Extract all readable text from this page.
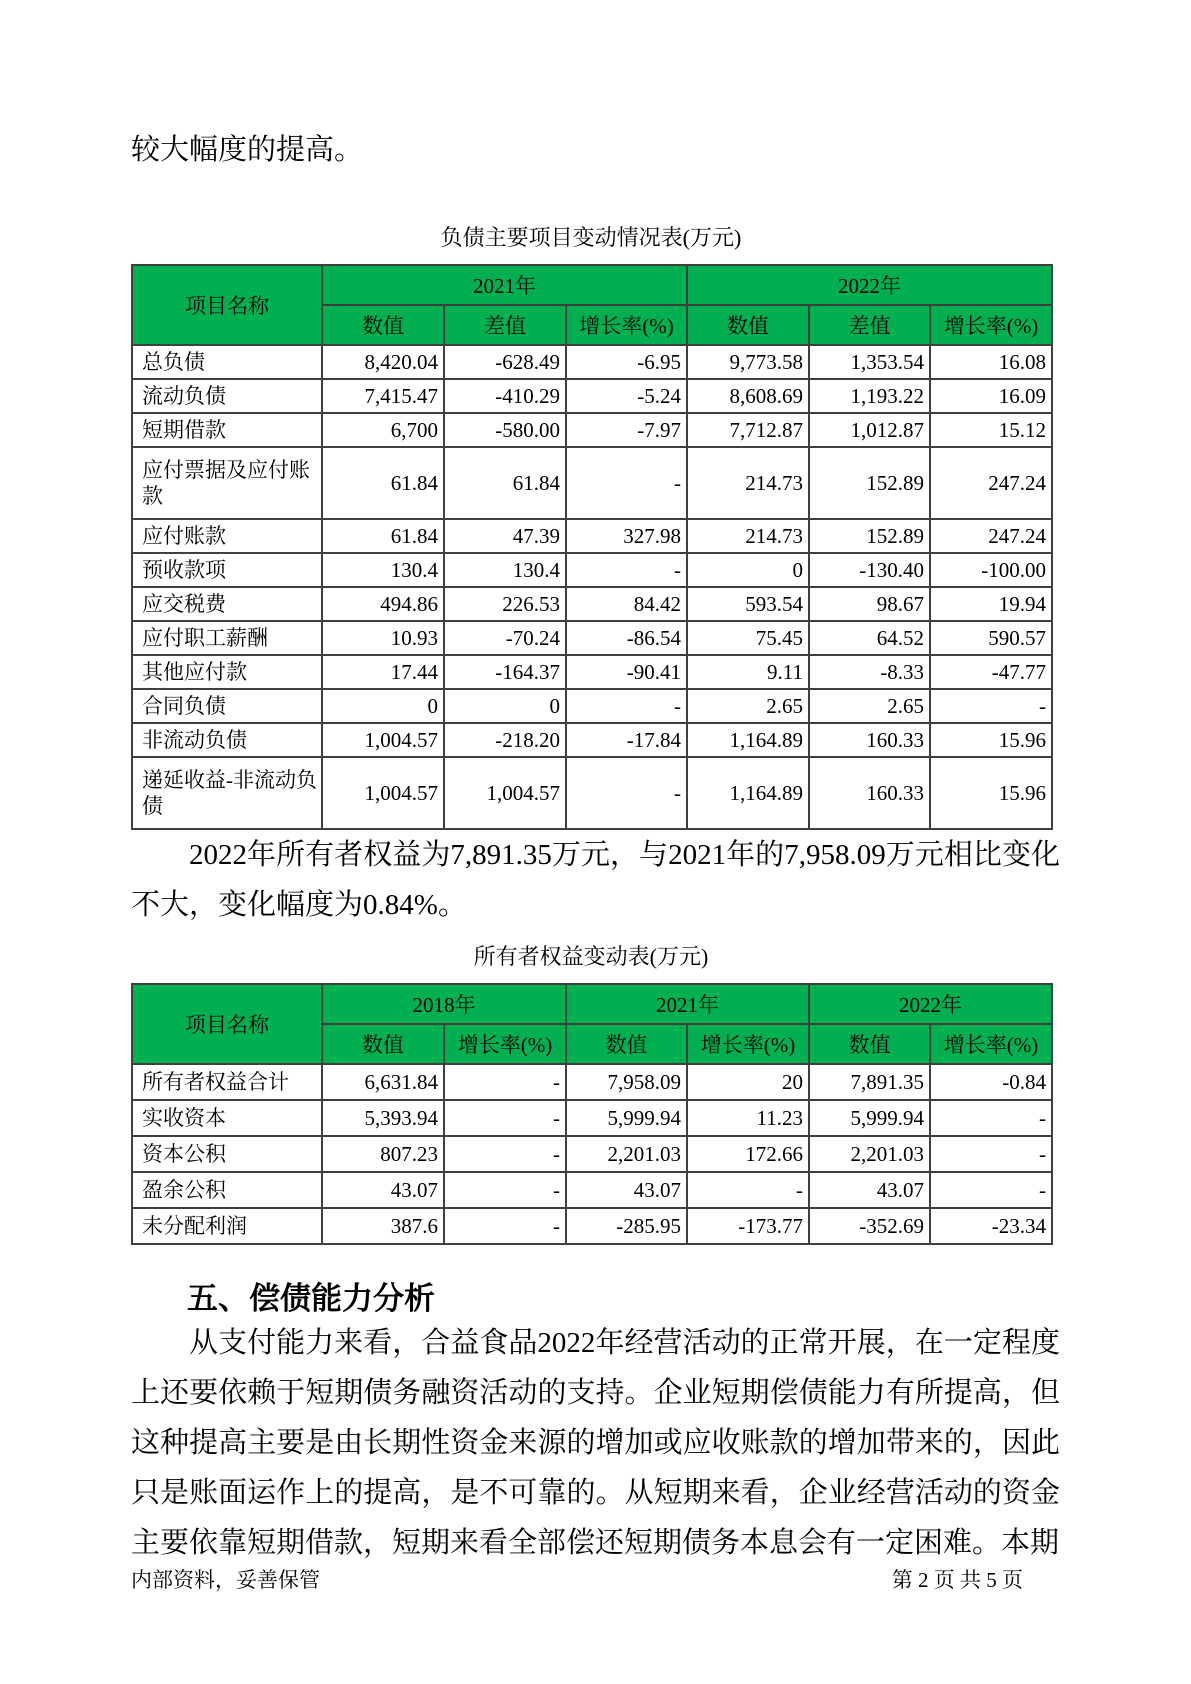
较大幅度的提高。

负债主要项目变动情况表(万元)

项目名称	2021年			2022年		
	数值	差值	增长率(%)	数值	差值	增长率(%)
总负债	8,420.04	-628.49	-6.95	9,773.58	1,353.54	16.08
流动负债	7,415.47	-410.29	-5.24	8,608.69	1,193.22	16.09
短期借款	6,700	-580.00	-7.97	7,712.87	1,012.87	15.12
应付票据及应付账款	61.84	61.84	-	214.73	152.89	247.24
应付账款	61.84	47.39	327.98	214.73	152.89	247.24
预收款项	130.4	130.4	-	0	-130.40	-100.00
应交税费	494.86	226.53	84.42	593.54	98.67	19.94
应付职工薪酬	10.93	-70.24	-86.54	75.45	64.52	590.57
其他应付款	17.44	-164.37	-90.41	9.11	-8.33	-47.77
合同负债	0	0	-	2.65	2.65	-
非流动负债	1,004.57	-218.20	-17.84	1,164.89	160.33	15.96
递延收益-非流动负债	1,004.57	1,004.57	-	1,164.89	160.33	15.96

2022年所有者权益为7,891.35万元，与2021年的7,958.09万元相比变化不大，变化幅度为0.84%。

所有者权益变动表(万元)

项目名称	2018年		2021年		2022年	
	数值	增长率(%)	数值	增长率(%)	数值	增长率(%)
所有者权益合计	6,631.84	-	7,958.09	20	7,891.35	-0.84
实收资本	5,393.94	-	5,999.94	11.23	5,999.94	-
资本公积	807.23	-	2,201.03	172.66	2,201.03	-
盈余公积	43.07	-	43.07	-	43.07	-
未分配利润	387.6	-	-285.95	-173.77	-352.69	-23.34
五、偿债能力分析

从支付能力来看，合益食品2022年经营活动的正常开展，在一定程度上还要依赖于短期债务融资活动的支持。企业短期偿债能力有所提高，但这种提高主要是由长期性资金来源的增加或应收账款的增加带来的，因此只是账面运作上的提高，是不可靠的。从短期来看，企业经营活动的资金主要依靠短期借款，短期来看全部偿还短期债务本息会有一定困难。本期

内部资料，妥善保管	第 2 页 共 5 页
